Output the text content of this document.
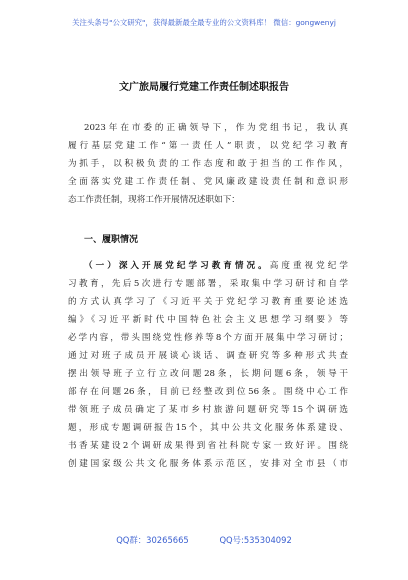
关注头条号"公文研究"，获得最新最全最专业的公文资料库！ 微信：gongwenyj
文广旅局履行党建工作责任制述职报告
2023年在市委的正确领导下，作为党组书记，我认真
履行基层党建工作“第一责任人”职责，以党纪学习教育
为抓手，以积极负责的工作态度和敢于担当的工作作风，
全面落实党建工作责任制、党风廉政建设责任制和意识形
态工作责任制，现将工作开展情况述职如下：
一、履职情况
（一）深入开展党纪学习教育情况。高度重视党纪学
习教育，先后5次进行专题部署，采取集中学习研讨和自学
的方式认真学习了《习近平关于党纪学习教育重要论述选
编》《习近平新时代中国特色社会主义思想学习纲要》等
必学内容，带头围绕党性修养等8个方面开展集中学习研讨；
通过对班子成员开展谈心谈话、调查研究等多种形式共查
摆出领导班子立行立改问题28条，长期问题6条，领导干
部存在问题26条，目前已经整改到位56条。围绕中心工作
带领班子成员确定了某市乡村旅游问题研究等15个调研选
题，形成专题调研报告15个，其中公共文化服务体系建设、
书香某建设2个调研成果得到省社科院专家一致好评。围绕
创建国家级公共文化服务体系示范区，安排对全市县（市
QQ群：30265665	QQ号:535304092
